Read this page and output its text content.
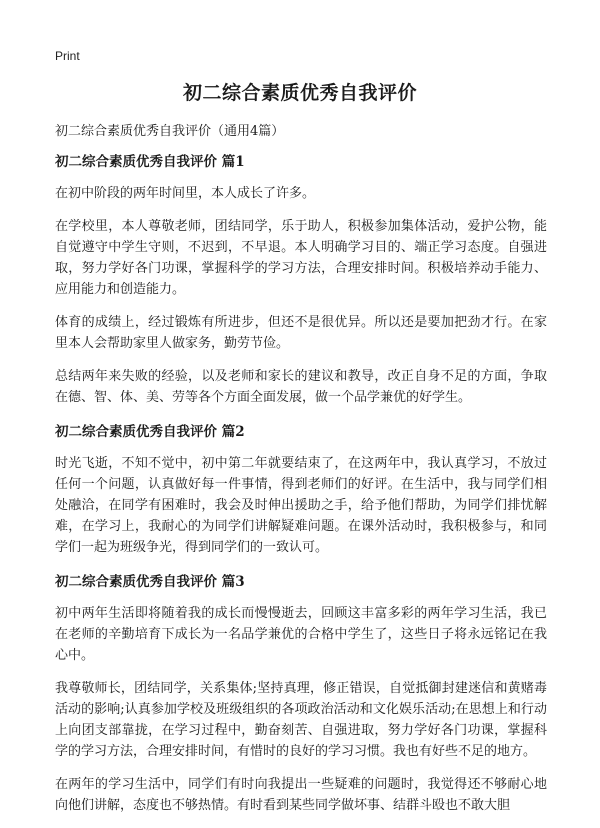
Print
初二综合素质优秀自我评价

初二综合素质优秀自我评价（通用4篇）

初二综合素质优秀自我评价 篇1

在初中阶段的两年时间里，本人成长了许多。

在学校里，本人尊敬老师，团结同学，乐于助人，积极参加集体活动，爱护公物，能自觉遵守中学生守则，不迟到，不早退。本人明确学习目的、端正学习态度。自强进取，努力学好各门功课，掌握科学的学习方法，合理安排时间。积极培养动手能力、应用能力和创造能力。

体育的成绩上，经过锻炼有所进步，但还不是很优异。所以还是要加把劲才行。在家里本人会帮助家里人做家务，勤劳节俭。

总结两年来失败的经验，以及老师和家长的建议和教导，改正自身不足的方面，争取在德、智、体、美、劳等各个方面全面发展，做一个品学兼优的好学生。

初二综合素质优秀自我评价 篇2

时光飞逝，不知不觉中，初中第二年就要结束了，在这两年中，我认真学习，不放过任何一个问题，认真做好每一件事情，得到老师们的好评。在生活中，我与同学们相处融洽，在同学有困难时，我会及时伸出援助之手，给予他们帮助，为同学们排忧解难，在学习上，我耐心的为同学们讲解疑难问题。在课外活动时，我积极参与，和同学们一起为班级争光，得到同学们的一致认可。

初二综合素质优秀自我评价 篇3

初中两年生活即将随着我的成长而慢慢逝去，回顾这丰富多彩的两年学习生活，我已在老师的辛勤培育下成长为一名品学兼优的合格中学生了，这些日子将永远铭记在我心中。

我尊敬师长，团结同学，关系集体;坚持真理，修正错误，自觉抵御封建迷信和黄赌毒活动的影响;认真参加学校及班级组织的各项政治活动和文化娱乐活动;在思想上和行动上向团支部靠拢，在学习过程中，勤奋刻苦、自强进取，努力学好各门功课，掌握科学的学习方法，合理安排时间，有惜时的良好的学习习惯。我也有好些不足的地方。

在两年的学习生活中，同学们有时向我提出一些疑难的问题时，我觉得还不够耐心地向他们讲解，态度也不够热情。有时看到某些同学做坏事、结群斗殴也不敢大胆
